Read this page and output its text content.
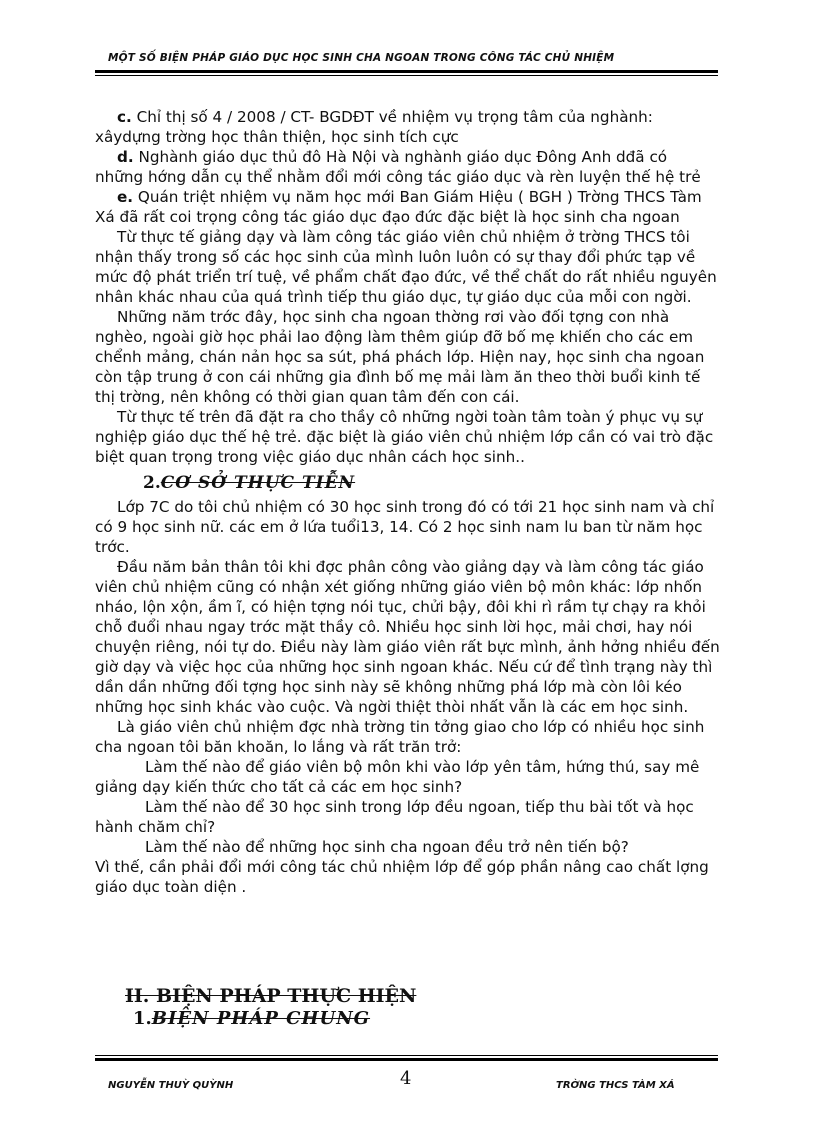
MỘT SỐ BIỆN PHÁP GIÁO DỤC HỌC SINH CHA NGOAN TRONG CÔNG TÁC CHỦ NHIỆM

c. Chỉ thị số 4 / 2008 / CT- BGDĐT về nhiệm vụ trọng tâm của nghành: xâydựng trờng học thân thiện, học sinh tích cực

d. Nghành giáo dục thủ đô Hà Nội và nghành giáo dục Đông Anh dđã có những hớng dẫn cụ thể nhằm đổi mới công tác giáo dục và rèn luyện thế hệ trẻ

e. Quán triệt nhiệm vụ năm học mới Ban Giám Hiệu ( BGH ) Trờng THCS Tàm Xá đã rất coi trọng công tác giáo dục đạo đức đặc biệt là học sinh cha ngoan

Từ thực tế giảng dạy và làm công tác giáo viên chủ nhiệm ở trờng THCS tôi nhận thấy trong số các học sinh của mình luôn luôn có sự thay đổi phức tạp về mức độ phát triển trí tuệ, về phẩm chất đạo đức, về thể chất do rất nhiều nguyên nhân khác nhau của quá trình tiếp thu giáo dục, tự giáo dục của mỗi con ngời.

Những năm trớc đây, học sinh cha ngoan thờng rơi vào đối tợng con nhà nghèo, ngoài giờ học phải lao động làm thêm giúp đỡ bố mẹ khiến cho các em chểnh mảng, chán nản học sa sút, phá phách lớp. Hiện nay, học sinh cha ngoan còn tập trung ở con cái những gia đình bố mẹ mải làm ăn theo thời buổi kinh tế thị trờng, nên không có thời gian quan tâm đến con cái.

Từ thực tế trên đã đặt ra cho thầy cô những ngời toàn tâm toàn ý phục vụ sự nghiệp giáo dục thế hệ trẻ. đặc biệt là giáo viên chủ nhiệm lớp cần có vai trò đặc biệt quan trọng trong việc giáo dục nhân cách học sinh..

2.CƠ SỞ THỰC TIỄN

Lớp 7C do tôi chủ nhiệm có 30 học sinh trong đó có tới 21 học sinh nam và chỉ có 9 học sinh nữ. các em ở lứa tuổi13, 14. Có 2 học sinh nam lu ban từ năm học trớc.

Đầu năm bản thân tôi khi đợc phân công vào giảng dạy và làm công tác giáo viên chủ nhiệm cũng có nhận xét giống những giáo viên bộ môn khác: lớp nhốn nháo, lộn xộn, ầm ĩ, có hiện tợng nói tục, chửi bậy, đôi khi rì rầm tự chạy ra khỏi chỗ đuổi nhau ngay trớc mặt thầy cô. Nhiều học sinh lời học, mải chơi, hay nói chuyện riêng, nói tự do. Điều này làm giáo viên rất bực mình, ảnh hởng nhiều đến giờ dạy và việc học của những học sinh ngoan khác. Nếu cứ để tình trạng này thì dần dần những đối tợng học sinh này sẽ không những phá lớp mà còn lôi kéo những học sinh khác vào cuộc. Và ngời thiệt thòi nhất vẫn là các em học sinh.

Là giáo viên chủ nhiệm đợc nhà trờng tin tởng giao cho lớp có nhiều học sinh cha ngoan tôi băn khoăn, lo lắng và rất trăn trở:

Làm thế nào để giáo viên bộ môn khi vào lớp yên tâm, hứng thú, say mê giảng dạy kiến thức cho tất cả các em học sinh?

Làm thế nào để 30 học sinh trong lớp đều ngoan, tiếp thu bài tốt và học hành chăm chỉ?

Làm thế nào để những học sinh cha ngoan đều trở nên tiến bộ?

Vì thế, cần phải đổi mới công tác chủ nhiệm lớp để góp phần nâng cao chất lợng giáo dục toàn diện .

II. BIỆN PHÁP THỰC HIỆN
1.BIỆN PHÁP CHUNG
4
NGUYỄN THUỲ QUỲNH	TRỜNG THCS TÀM XÁ
